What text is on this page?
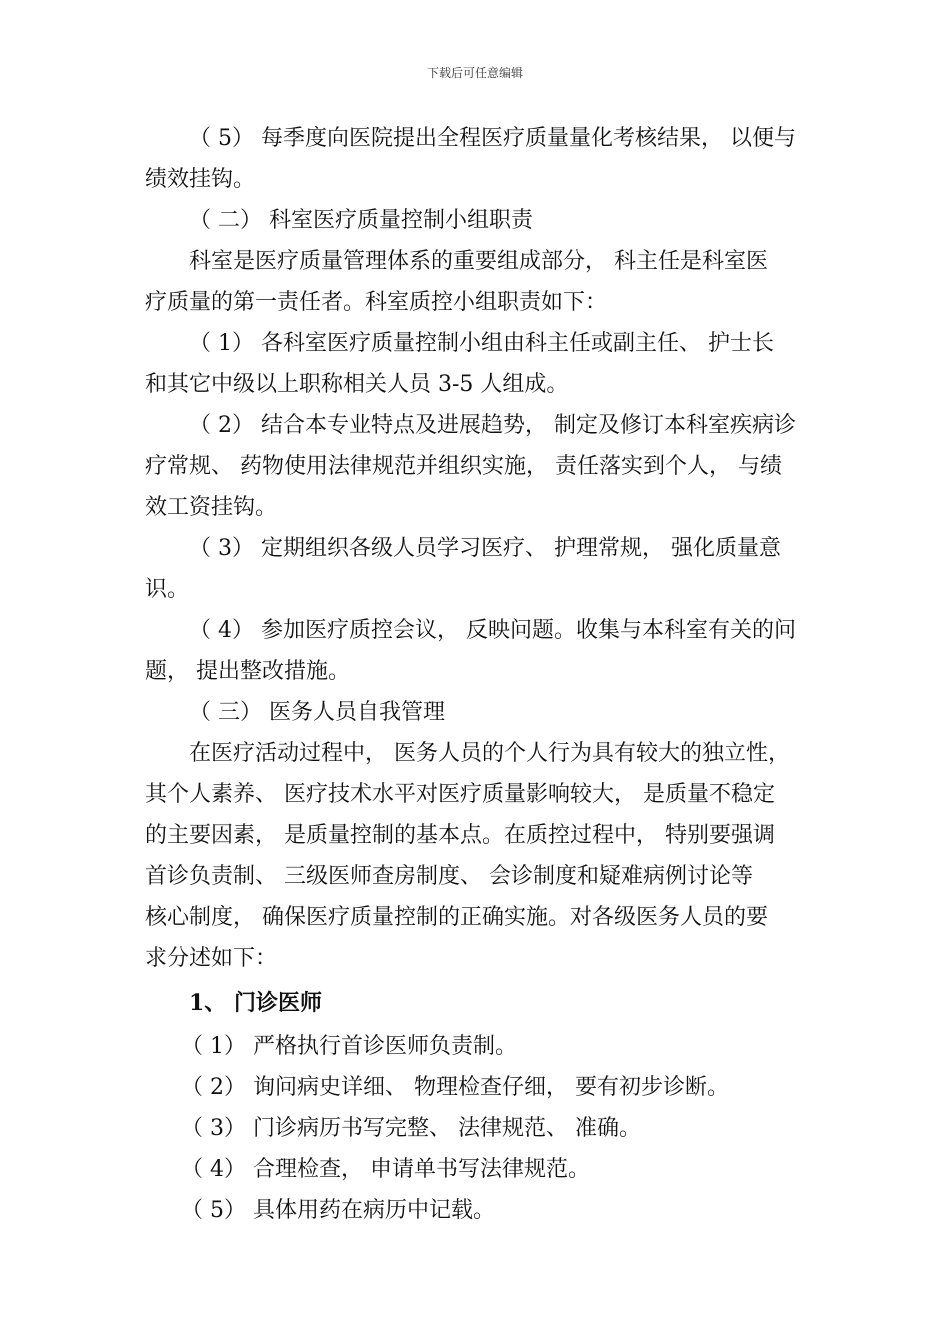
下载后可任意编辑

（ 5） 每季度向医院提出全程医疗质量量化考核结果， 以便与

绩效挂钩。

（ 二） 科室医疗质量控制小组职责

科室是医疗质量管理体系的重要组成部分， 科主任是科室医

疗质量的第一责任者。科室质控小组职责如下：

（ 1） 各科室医疗质量控制小组由科主任或副主任、 护士长

和其它中级以上职称相关人员 3-5 人组成。

（ 2） 结合本专业特点及进展趋势， 制定及修订本科室疾病诊

疗常规、 药物使用法律规范并组织实施， 责任落实到个人， 与绩

效工资挂钩。

（ 3） 定期组织各级人员学习医疗、 护理常规， 强化质量意

识。

（ 4） 参加医疗质控会议， 反映问题。收集与本科室有关的问

题， 提出整改措施。

（ 三） 医务人员自我管理

在医疗活动过程中， 医务人员的个人行为具有较大的独立性，

其个人素养、 医疗技术水平对医疗质量影响较大， 是质量不稳定

的主要因素， 是质量控制的基本点。在质控过程中， 特别要强调

首诊负责制、 三级医师查房制度、 会诊制度和疑难病例讨论等

核心制度， 确保医疗质量控制的正确实施。对各级医务人员的要

求分述如下：

1、 门诊医师

（ 1） 严格执行首诊医师负责制。

（ 2） 询问病史详细、 物理检查仔细， 要有初步诊断。

（ 3） 门诊病历书写完整、 法律规范、 准确。

（ 4） 合理检查， 申请单书写法律规范。

（ 5） 具体用药在病历中记载。
